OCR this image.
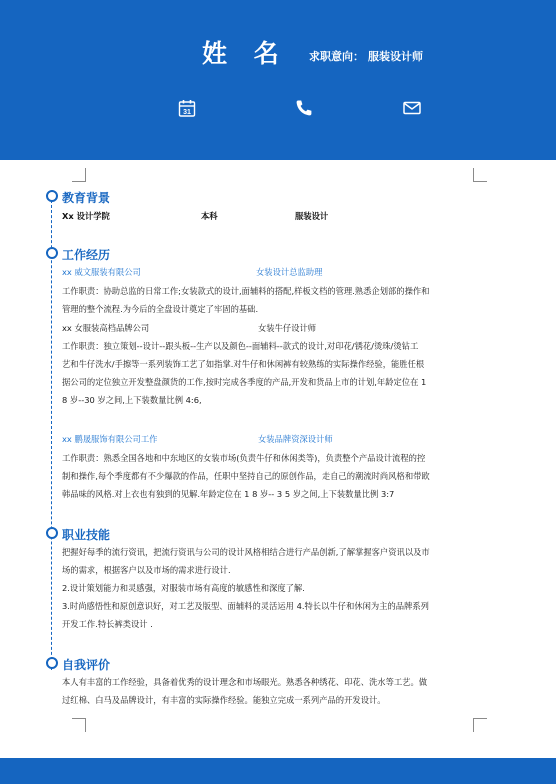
姓 名 求职意向： 服装设计师
31
教育背景
Xx 设计学院	本科	服装设计
工作经历
xx 威文服装有限公司	女装设计总监助理
工作职责：协助总监的日常工作;女装款式的设计,面辅料的搭配,样板文档的管理.熟悉企划部的操作和
管理的整个流程.为今后的全盘设计奠定了牢固的基础.
xx 女服装高档品牌公司	女装牛仔设计师
工作职责：独立策划--设计--跟头板--生产以及颜色--面辅料--款式的设计,对印花/锈花/烫珠/烫钻工
艺和牛仔洗水/手擦等一系列装饰工艺了如指掌.对牛仔和休闲裤有较熟练的实际操作经验，能胜任根
据公司的定位独立开发整盘颜货的工作,按时完成各季度的产品,开发和货品上市的计划,年龄定位在 1
8 岁--30 岁之间,上下装数量比例 4:6,
xx 鹏晟服饰有限公司工作	女装品牌资深设计师
工作职责：熟悉全国各地和中东地区的女装市场(负责牛仔和休闲类等)，负责整个产品设计流程的控
制和操作,每个季度都有不少爆款的作品，任职中坚持自己的原创作品，走自己的潮流时尚风格和带欧
韩品味的风格.对上衣也有独到的见解.年龄定位在 1 8 岁-- 3 5 岁之间,上下装数量比例 3:7
职业技能
把握好每季的流行资讯，把流行资讯与公司的设计风格相结合进行产品创新,了解掌握客户资讯以及市
场的需求，根据客户以及市场的需求进行设计.
2.设计策划能力和灵感强，对服装市场有高度的敏感性和深度了解.
3.时尚感悟性和原创意识好，对工艺及版型、面辅料的灵活运用 4.特长以牛仔和休闲为主的品牌系列
开发工作.特长裤类设计 .
自我评价
本人有丰富的工作经验，具备着优秀的设计理念和市场眼光。熟悉各种绣花、印花、洗水等工艺。做
过红棉、白马及品牌设计，有丰富的实际操作经验。能独立完成一系列产品的开发设计。
